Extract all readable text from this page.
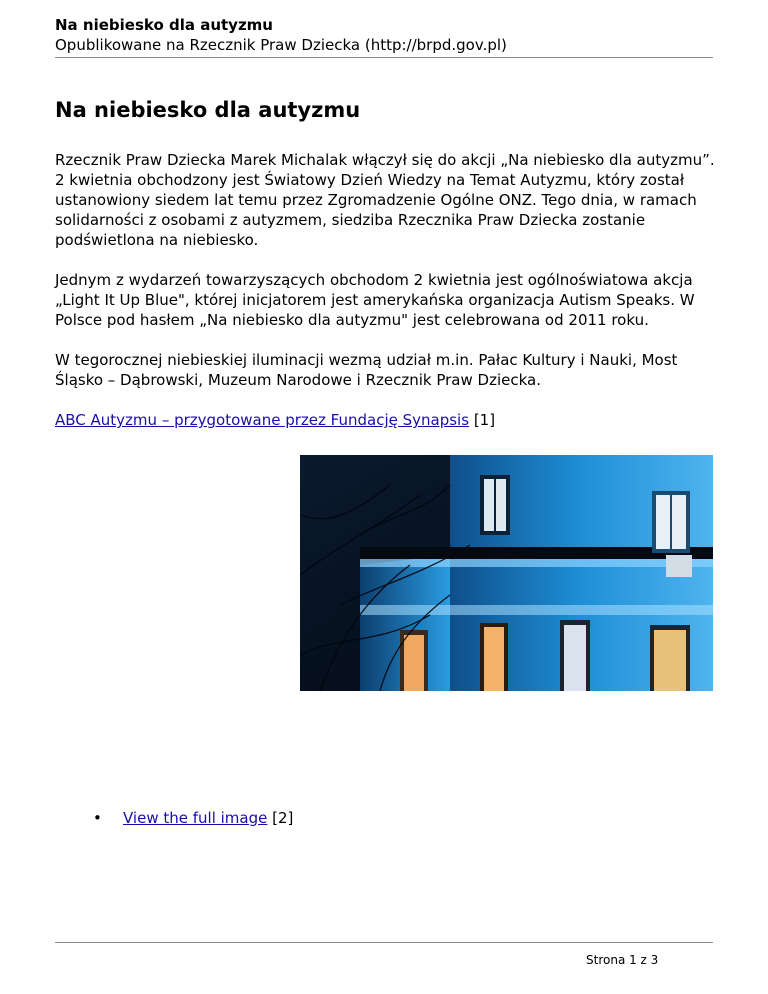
Na niebiesko dla autyzmu
Opublikowane na Rzecznik Praw Dziecka (http://brpd.gov.pl)
Na niebiesko dla autyzmu

Rzecznik Praw Dziecka Marek Michalak włączył się do akcji „Na niebiesko dla autyzmu”. 2 kwietnia obchodzony jest Światowy Dzień Wiedzy na Temat Autyzmu, który został ustanowiony siedem lat temu przez Zgromadzenie Ogólne ONZ. Tego dnia, w ramach solidarności z osobami z autyzmem, siedziba Rzecznika Praw Dziecka zostanie podświetlona na niebiesko.

Jednym z wydarzeń towarzyszących obchodom 2 kwietnia jest ogólnoświatowa akcja „Light It Up Blue", której inicjatorem jest amerykańska organizacja Autism Speaks. W Polsce pod hasłem „Na niebiesko dla autyzmu" jest celebrowana od 2011 roku.

W tegorocznej niebieskiej iluminacji wezmą udział m.in. Pałac Kultury i Nauki, Most Śląsko – Dąbrowski, Muzeum Narodowe i Rzecznik Praw Dziecka.

ABC Autyzmu – przygotowane przez Fundację Synapsis [1]

• View the full image [2]
Strona 1 z 3
